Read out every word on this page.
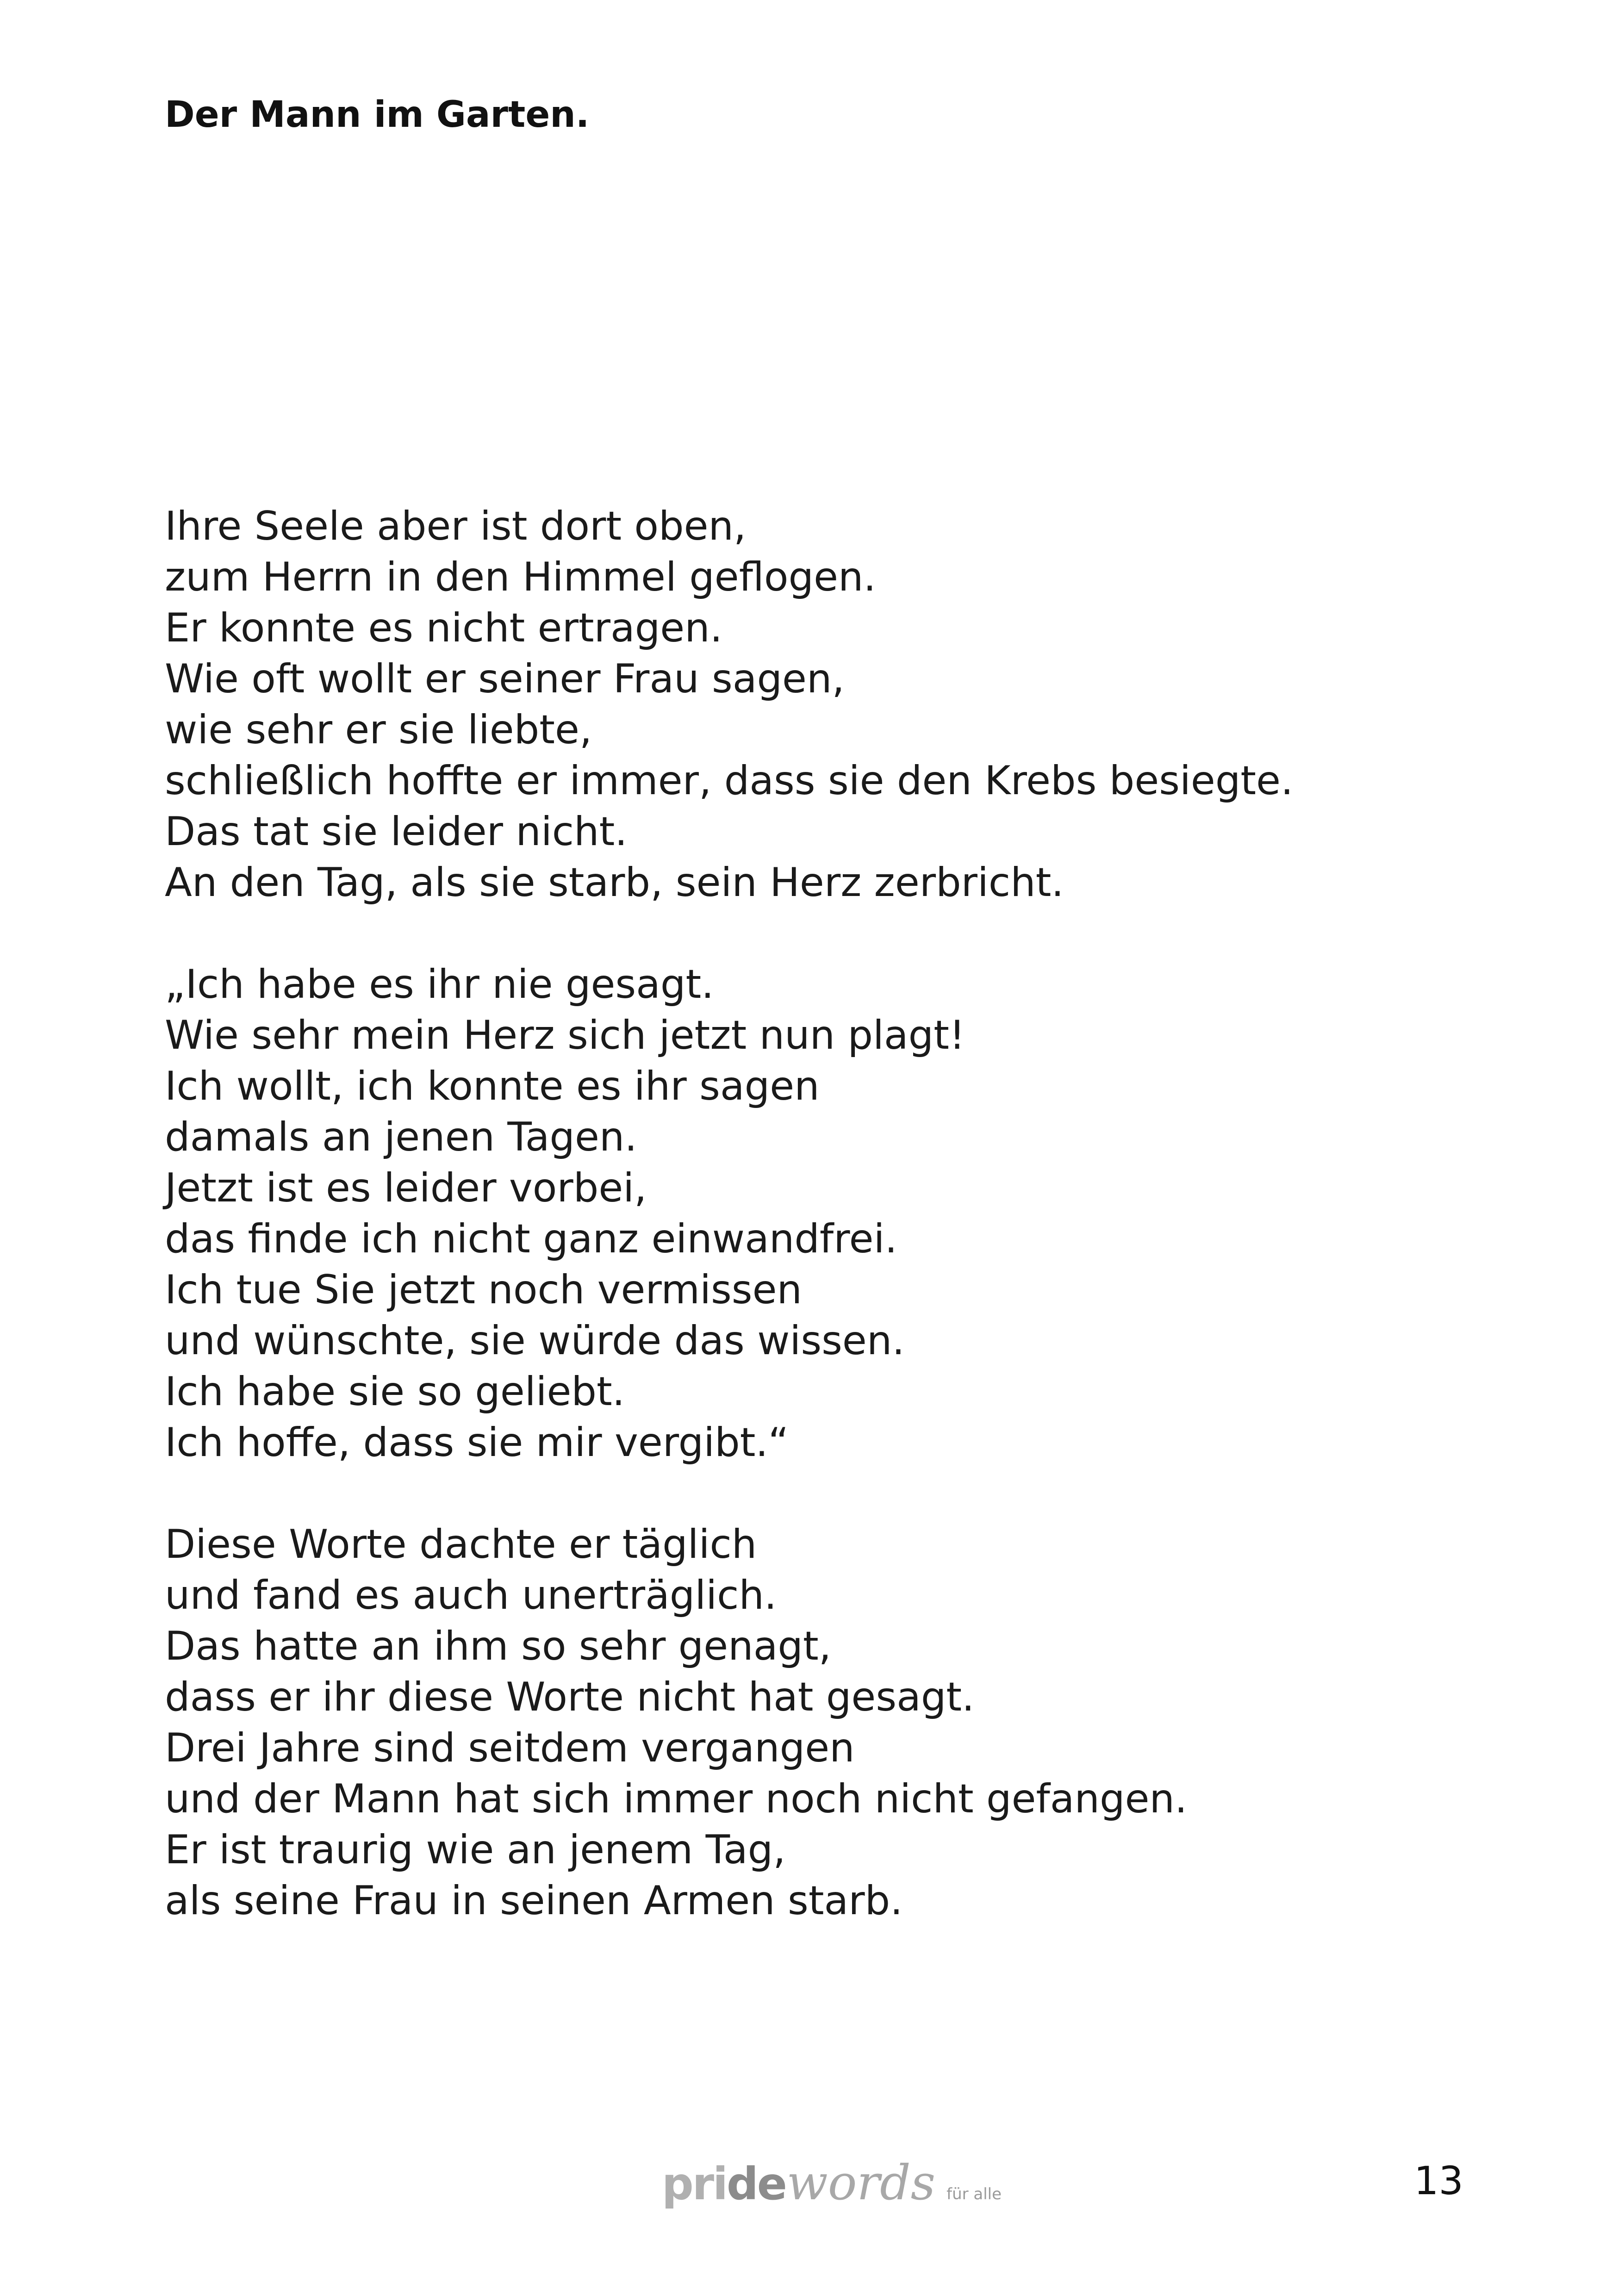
Der Mann im Garten.
Ihre Seele aber ist dort oben,
zum Herrn in den Himmel geflogen.
Er konnte es nicht ertragen.
Wie oft wollt er seiner Frau sagen,
wie sehr er sie liebte,
schließlich hoffte er immer, dass sie den Krebs besiegte.
Das tat sie leider nicht.
An den Tag, als sie starb, sein Herz zerbricht.
„Ich habe es ihr nie gesagt.
Wie sehr mein Herz sich jetzt nun plagt!
Ich wollt, ich konnte es ihr sagen
damals an jenen Tagen.
Jetzt ist es leider vorbei,
das finde ich nicht ganz einwandfrei.
Ich tue Sie jetzt noch vermissen
und wünschte, sie würde das wissen.
Ich habe sie so geliebt.
Ich hoffe, dass sie mir vergibt.“
Diese Worte dachte er täglich
und fand es auch unerträglich.
Das hatte an ihm so sehr genagt,
dass er ihr diese Worte nicht hat gesagt.
Drei Jahre sind seitdem vergangen
und der Mann hat sich immer noch nicht gefangen.
Er ist traurig wie an jenem Tag,
als seine Frau in seinen Armen starb.
pride words für alle	13
